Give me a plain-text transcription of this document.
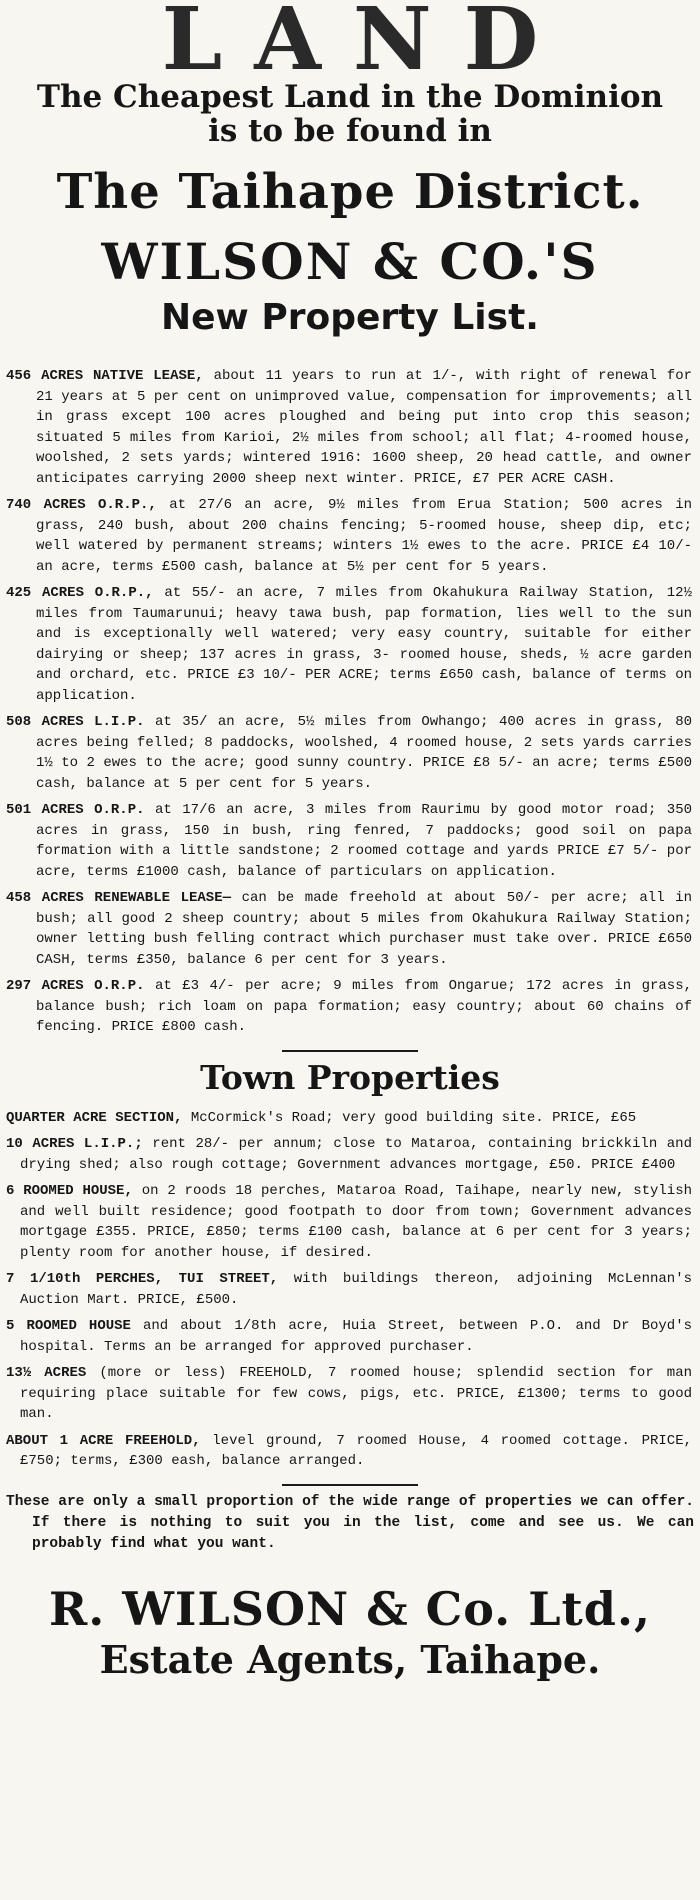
LAND

The Cheapest Land in the Dominion

is to be found in

The Taihape District.

WILSON & CO.'S

New Property List.

456 ACRES NATIVE LEASE, about 11 years to run at 1/-, with right of renewal for 21 years at 5 per cent on unimproved value, compensation for improvements; all in grass except 100 acres ploughed and being put into crop this season; situated 5 miles from Karioi, 2½ miles from school; all flat; 4-roomed house, woolshed, 2 sets yards; wintered 1916: 1600 sheep, 20 head cattle, and owner anticipates carrying 2000 sheep next winter. PRICE, £7 PER ACRE CASH.

740 ACRES O.R.P., at 27/6 an acre, 9½ miles from Erua Station; 500 acres in grass, 240 bush, about 200 chains fencing; 5-roomed house, sheep dip, etc; well watered by permanent streams; winters 1½ ewes to the acre. PRICE £4 10/- an acre, terms £500 cash, balance at 5½ per cent for 5 years.

425 ACRES O.R.P., at 55/- an acre, 7 miles from Okahukura Railway Station, 12½ miles from Taumarunui; heavy tawa bush, pap formation, lies well to the sun and is exceptionally well watered; very easy country, suitable for either dairying or sheep; 137 acres in grass, 3- roomed house, sheds, ½ acre garden and orchard, etc. PRICE £3 10/- PER ACRE; terms £650 cash, balance of terms on application.

508 ACRES L.I.P. at 35/ an acre, 5½ miles from Owhango; 400 acres in grass, 80 acres being felled; 8 paddocks, woolshed, 4 roomed house, 2 sets yards carries 1½ to 2 ewes to the acre; good sunny country. PRICE £8 5/- an acre; terms £500 cash, balance at 5 per cent for 5 years.

501 ACRES O.R.P. at 17/6 an acre, 3 miles from Raurimu by good motor road; 350 acres in grass, 150 in bush, ring fenred, 7 paddocks; good soil on papa formation with a little sandstone; 2 roomed cottage and yards PRICE £7 5/- por acre, terms £1000 cash, balance of particulars on application.

458 ACRES RENEWABLE LEASE— can be made freehold at about 50/- per acre; all in bush; all good 2 sheep country; about 5 miles from Okahukura Railway Station; owner letting bush felling contract which purchaser must take over. PRICE £650 CASH, terms £350, balance 6 per cent for 3 years.

297 ACRES O.R.P. at £3 4/- per acre; 9 miles from Ongarue; 172 acres in grass, balance bush; rich loam on papa formation; easy country; about 60 chains of fencing. PRICE £800 cash.

Town Properties

QUARTER ACRE SECTION, McCormick's Road; very good building site. PRICE, £65

10 ACRES L.I.P.; rent 28/- per annum; close to Mataroa, containing brickkiln and drying shed; also rough cottage; Government advances mortgage, £50. PRICE £400

6 ROOMED HOUSE, on 2 roods 18 perches, Mataroa Road, Taihape, nearly new, stylish and well built residence; good footpath to door from town; Government advances mortgage £355. PRICE, £850; terms £100 cash, balance at 6 per cent for 3 years; plenty room for another house, if desired.

7 1/10th PERCHES, TUI STREET, with buildings thereon, adjoining McLennan's Auction Mart. PRICE, £500.

5 ROOMED HOUSE and about 1/8th acre, Huia Street, between P.O. and Dr Boyd's hospital. Terms an be arranged for approved purchaser.

13½ ACRES (more or less) FREEHOLD, 7 roomed house; splendid section for man requiring place suitable for few cows, pigs, etc. PRICE, £1300; terms to good man.

ABOUT 1 ACRE FREEHOLD, level ground, 7 roomed House, 4 roomed cottage. PRICE, £750; terms, £300 eash, balance arranged.

These are only a small proportion of the wide range of properties we can offer. If there is nothing to suit you in the list, come and see us. We can probably find what you want.

R. WILSON & Co. Ltd.,

Estate Agents, Taihape.
